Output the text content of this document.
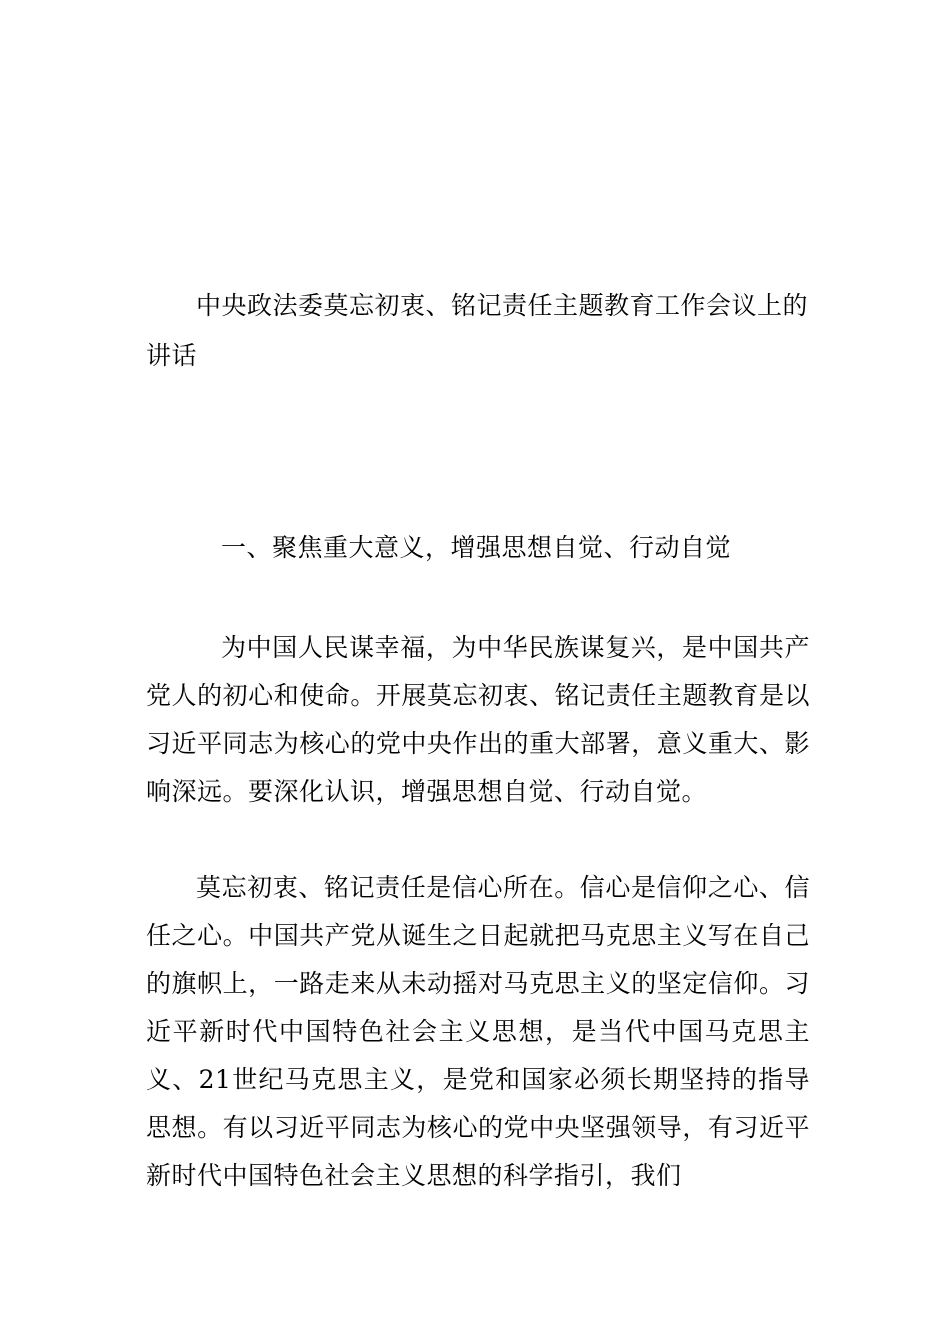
中央政法委莫忘初衷、铭记责任主题教育工作会议上的讲话
一、聚焦重大意义，增强思想自觉、行动自觉
为中国人民谋幸福，为中华民族谋复兴，是中国共产党人的初心和使命。开展莫忘初衷、铭记责任主题教育是以习近平同志为核心的党中央作出的重大部署，意义重大、影响深远。要深化认识，增强思想自觉、行动自觉。
莫忘初衷、铭记责任是信心所在。信心是信仰之心、信任之心。中国共产党从诞生之日起就把马克思主义写在自己的旗帜上，一路走来从未动摇对马克思主义的坚定信仰。习近平新时代中国特色社会主义思想，是当代中国马克思主义、21世纪马克思主义，是党和国家必须长期坚持的指导思想。有以习近平同志为核心的党中央坚强领导，有习近平新时代中国特色社会主义思想的科学指引，我们
